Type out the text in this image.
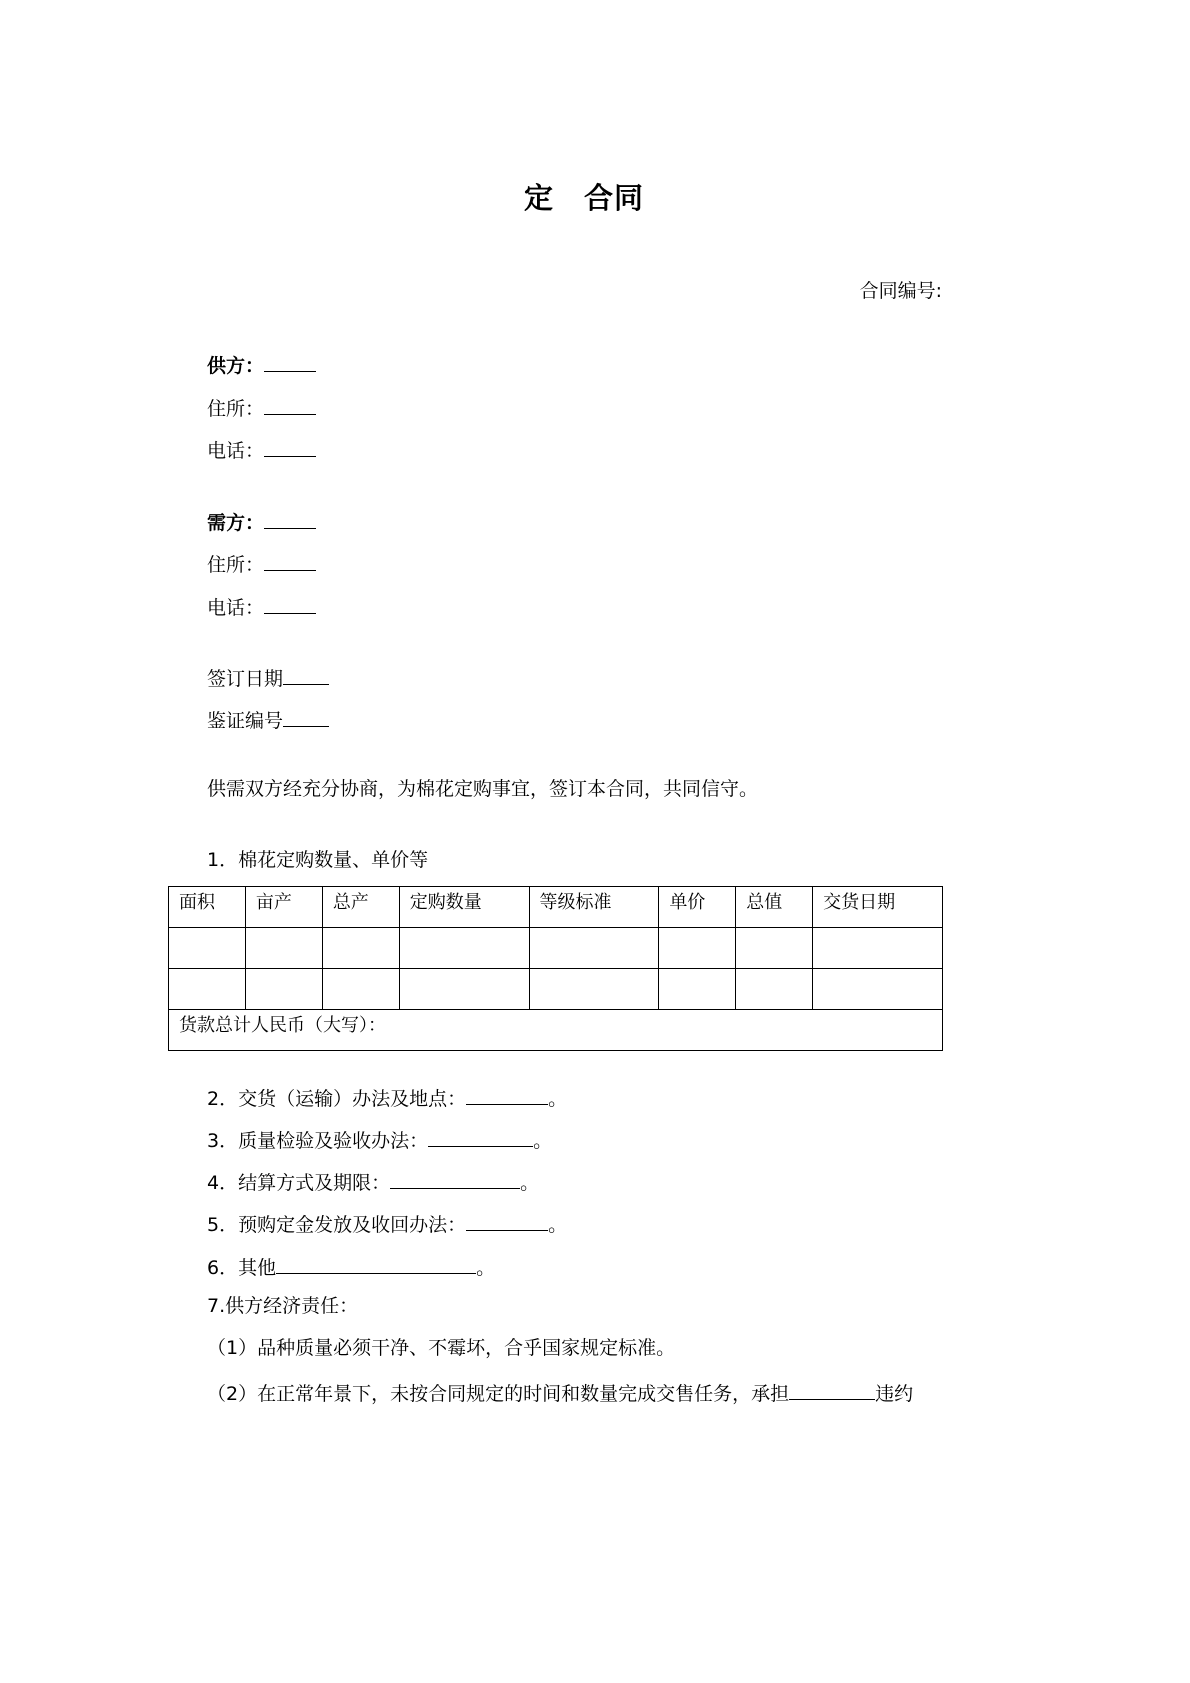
定 合同
合同编号:
供方：
住所：
电话：
需方：
住所：
电话：
签订日期
鉴证编号
供需双方经充分协商，为棉花定购事宜，签订本合同，共同信守。
1．棉花定购数量、单价等
面积	亩产	总产	定购数量	等级标准	单价	总值	交货日期

货款总计人民币（大写）：							
2．交货（运输）办法及地点：	。
3．质量检验及验收办法：	。
4．结算方式及期限：	。
5．预购定金发放及收回办法：	。
6．其他	。
7.供方经济责任：
（1）品种质量必须干净、不霉坏，合乎国家规定标准。
（2）在正常年景下，未按合同规定的时间和数量完成交售任务，承担	违约
